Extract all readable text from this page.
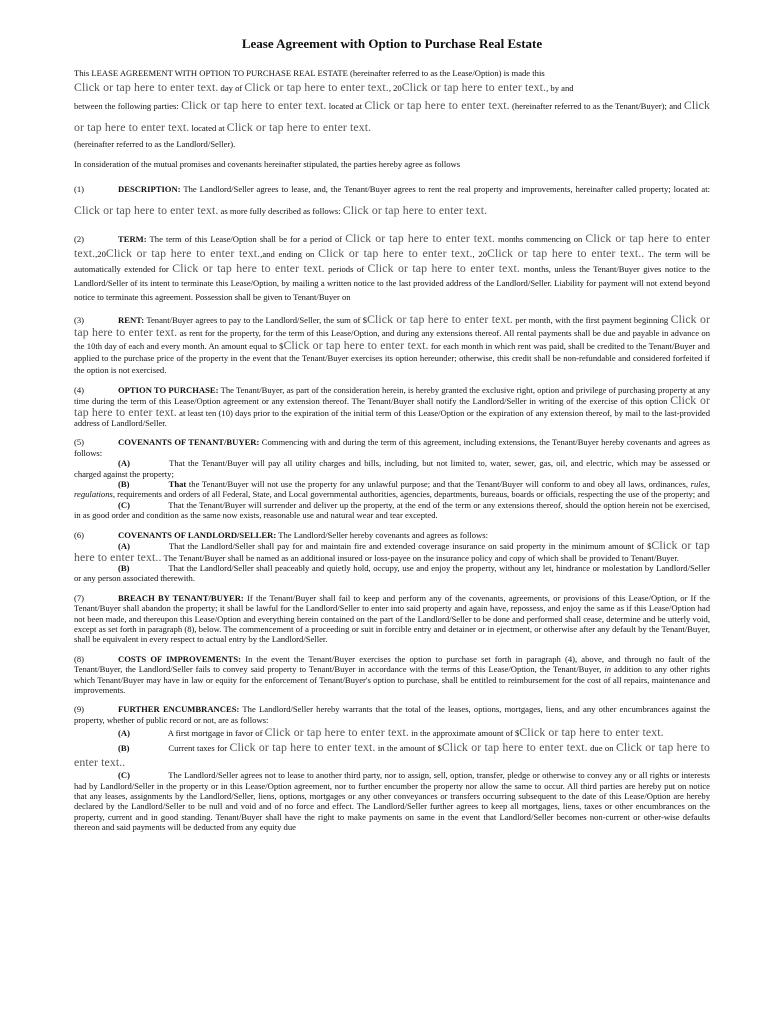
Lease Agreement with Option to Purchase Real Estate

This LEASE AGREEMENT WITH OPTION TO PURCHASE REAL ESTATE (hereinafter referred to as the Lease/Option) is made this
Click or tap here to enter text. day of Click or tap here to enter text., 20Click or tap here to enter text., by and

between the following parties: Click or tap here to enter text. located at Click or tap here to enter text. (hereinafter referred to as the Tenant/Buyer); and Click or tap here to enter text. located at Click or tap here to enter text.

(hereinafter referred to as the Landlord/Seller).

In consideration of the mutual promises and covenants hereinafter stipulated, the parties hereby agree as follows

(1)	DESCRIPTION: The Landlord/Seller agrees to lease, and, the Tenant/Buyer agrees to rent the real property and improvements, hereinafter called property; located at: Click or tap here to enter text. as more fully described as follows: Click or tap here to enter text.

(2)	TERM: The term of this Lease/Option shall be for a period of Click or tap here to enter text. months commencing on Click or tap here to enter text.,20Click or tap here to enter text.,and ending on Click or tap here to enter text., 20Click or tap here to enter text.. The term will be automatically extended for Click or tap here to enter text. periods of Click or tap here to enter text. months, unless the Tenant/Buyer gives notice to the Landlord/Seller of its intent to terminate this Lease/Option, by mailing a written notice to the last provided address of the Landlord/Seller. Liability for payment will not extend beyond notice to terminate this agreement. Possession shall be given to Tenant/Buyer on

(3)	RENT: Tenant/Buyer agrees to pay to the Landlord/Seller, the sum of $Click or tap here to enter text. per month, with the first payment beginning Click or tap here to enter text. as rent for the property, for the term of this Lease/Option, and during any extensions thereof. All rental payments shall be due and payable in advance on the 10th day of each and every month. An amount equal to $Click or tap here to enter text. for each month in which rent was paid, shall be credited to the Tenant/Buyer and applied to the purchase price of the property in the event that the Tenant/Buyer exercises its option hereunder; otherwise, this credit shall be non-refundable and considered forfeited if the option is not exercised.

(4)	OPTION TO PURCHASE: The Tenant/Buyer, as part of the consideration herein, is hereby granted the exclusive right, option and privilege of purchasing property at any time during the term of this Lease/Option agreement or any extension thereof. The Tenant/Buyer shall notify the Landlord/Seller in writing of the exercise of this option Click or tap here to enter text. at least ten (10) days prior to the expiration of the initial term of this Lease/Option or the expiration of any extension thereof, by mail to the last-provided address of Landlord/Seller.

(5)	COVENANTS OF TENANT/BUYER: Commencing with and during the term of this agreement, including extensions, the Tenant/Buyer hereby covenants and agrees as follows:

(A)	That the Tenant/Buyer will pay all utility charges and bills, including, but not limited to, water, sewer, gas, oil, and electric, which may be assessed or charged against the property;

(B)	That the Tenant/Buyer will not use the property for any unlawful purpose; and that the Tenant/Buyer will conform to and obey all laws, ordinances, rules, regulations, requirements and orders of all Federal, State, and Local governmental authorities, agencies, departments, bureaus, boards or officials, respecting the use of the property; and

(C)	That the Tenant/Buyer will surrender and deliver up the property, at the end of the term or any extensions thereof, should the option herein not be exercised, in as good order and condition as the same now exists, reasonable use and natural wear and tear excepted.

(6)	COVENANTS OF LANDLORD/SELLER: The Landlord/Seller hereby covenants and agrees as follows:

(A)	That the Landlord/Seller shall pay for and maintain fire and extended coverage insurance on said property in the minimum amount of $Click or tap here to enter text.. The Tenant/Buyer shall be named as an additional insured or loss-payee on the insurance policy and copy of which shall be provided to Tenant/Buyer.

(B)	That the Landlord/Seller shall peaceably and quietly hold, occupy, use and enjoy the property, without any let, hindrance or molestation by Landlord/Seller or any person associated therewith.

(7)	BREACH BY TENANT/BUYER: If the Tenant/Buyer shall fail to keep and perform any of the covenants, agreements, or provisions of this Lease/Option, or If the Tenant/Buyer shall abandon the property; it shall be lawful for the Landlord/Seller to enter into said property and again have, repossess, and enjoy the same as if this Lease/Option had not been made, and thereupon this Lease/Option and everything herein contained on the part of the Landlord/Seller to be done and performed shall cease, determine and be utterly void, except as set forth in paragraph (8), below. The commencement of a proceeding or suit in forcible entry and detainer or in ejectment, or otherwise after any default by the Tenant/Buyer, shall be equivalent in every respect to actual entry by the Landlord/Seller.

(8)	COSTS OF IMPROVEMENTS: In the event the Tenant/Buyer exercises the option to purchase set forth in paragraph (4), above, and through no fault of the Tenant/Buyer, the Landlord/Seller fails to convey said property to Tenant/Buyer in accordance with the terms of this Lease/Option, the Tenant/Buyer, in addition to any other rights which Tenant/Buyer may have in law or equity for the enforcement of Tenant/Buyer's option to purchase, shall be entitled to reimbursement for the cost of all repairs, maintenance and improvements.

(9)	FURTHER ENCUMBRANCES: The Landlord/Seller hereby warrants that the total of the leases, options, mortgages, liens, and any other encumbrances against the property, whether of public record or not, are as follows:

(A)	A first mortgage in favor of Click or tap here to enter text. in the approximate amount of $Click or tap here to enter text.

(B)	Current taxes for Click or tap here to enter text. in the amount of $Click or tap here to enter text. due on Click or tap here to enter text..

(C)	The Landlord/Seller agrees not to lease to another third party, nor to assign, sell, option, transfer, pledge or otherwise to convey any or all rights or interests had by Landlord/Seller in the property or in this Lease/Option agreement, nor to further encumber the property nor allow the same to occur. All third parties are hereby put on notice that any leases, assignments by the Landlord/Seller, liens, options, mortgages or any other conveyances or transfers occurring subsequent to the date of this Lease/Option are hereby declared by the Landlord/Seller to be null and void and of no force and effect. The Landlord/Seller further agrees to keep all mortgages, liens, taxes or other encumbrances on the property, current and in good standing. Tenant/Buyer shall have the right to make payments on same in the event that Landlord/Seller becomes non-current or other-wise defaults thereon and said payments will be deducted from any equity due
